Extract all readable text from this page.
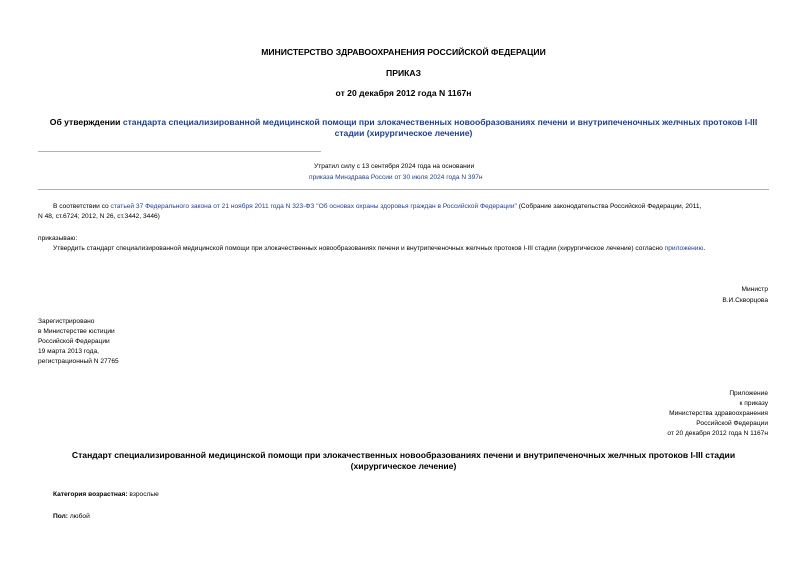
МИНИСТЕРСТВО ЗДРАВООХРАНЕНИЯ РОССИЙСКОЙ ФЕДЕРАЦИИ
ПРИКАЗ
от 20 декабря 2012 года N 1167н
Об утверждении стандарта специализированной медицинской помощи при злокачественных новообразованиях печени и внутрипеченочных желчных протоков I-III
стадии (хирургическое лечение)
Утратил силу с 13 сентября 2024 года на основании
приказа Минздрава России от 30 июля 2024 года N 397н
В соответствии со статьей 37 Федерального закона от 21 ноября 2011 года N 323-ФЗ "Об основах охраны здоровья граждан в Российской Федерации" (Собрание законодательства Российской Федерации, 2011,
N 48, ст.6724; 2012, N 26, ст.3442, 3446)
приказываю:
Утвердить стандарт специализированной медицинской помощи при злокачественных новообразованиях печени и внутрипеченочных желчных протоков I-III стадии (хирургическое лечение) согласно приложению.
Министр
В.И.Скворцова
Зарегистрировано
в Министерстве юстиции
Российской Федерации
19 марта 2013 года,
регистрационный N 27765
Приложение
к приказу
Министерства здравоохранения
Российской Федерации
от 20 декабря 2012 года N 1167н
Стандарт специализированной медицинской помощи при злокачественных новообразованиях печени и внутрипеченочных желчных протоков I-III стадии
(хирургическое лечение)
Категория возрастная: взрослые
Пол: любой
